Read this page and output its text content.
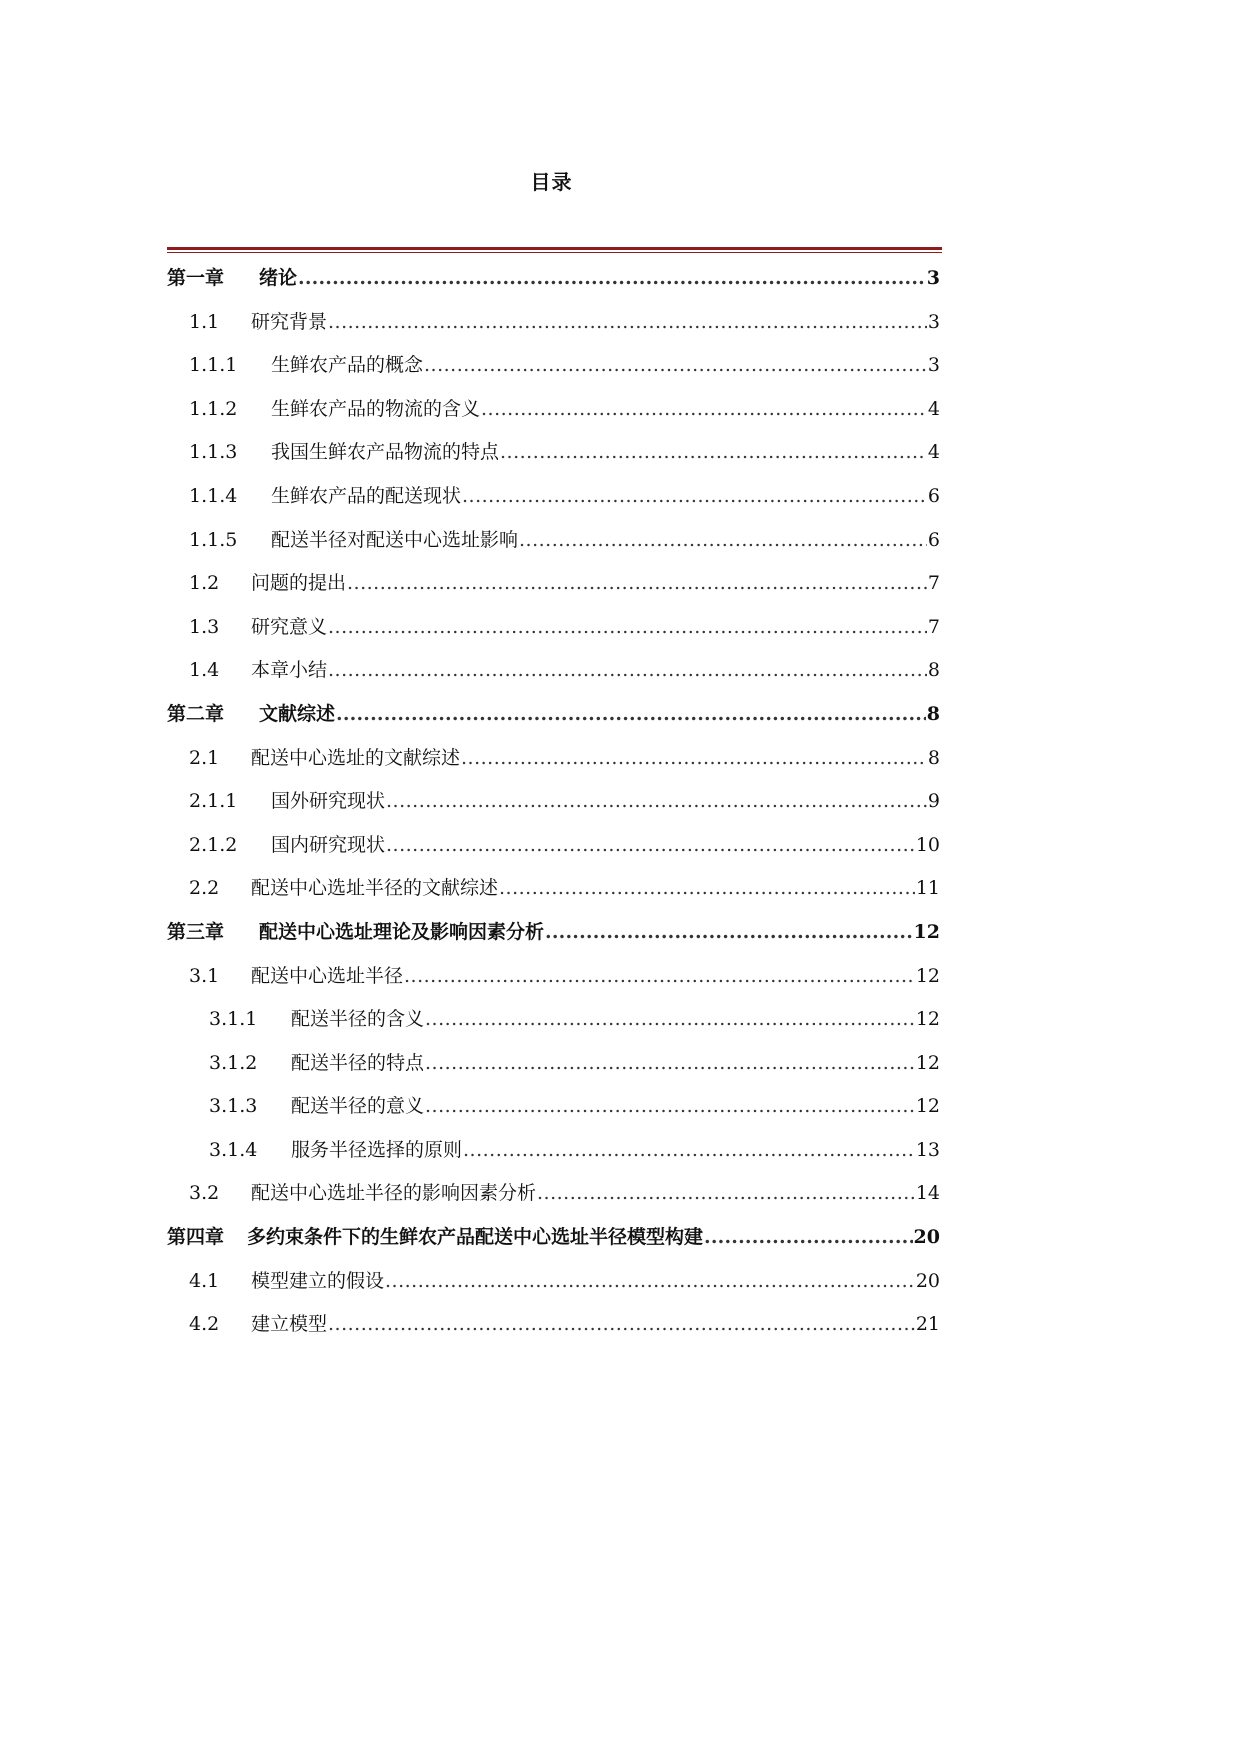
目录
第一章	绪论 .....	3
1.1	研究背景 .....	3
1.1.1	生鲜农产品的概念 .....	3
1.1.2	生鲜农产品的物流的含义 .....	4
1.1.3	我国生鲜农产品物流的特点 .....	4
1.1.4	生鲜农产品的配送现状 .....	6
1.1.5	配送半径对配送中心选址影响 .....	6
1.2	问题的提出 .....	7
1.3	研究意义 .....	7
1.4	本章小结 .....	8
第二章	文献综述 .....	8
2.1	配送中心选址的文献综述 .....	8
2.1.1	国外研究现状 .....	9
2.1.2	国内研究现状 .....	10
2.2	配送中心选址半径的文献综述 .....	11
第三章	配送中心选址理论及影响因素分析 .....	12
3.1	配送中心选址半径 .....	12
3.1.1	配送半径的含义 .....	12
3.1.2	配送半径的特点 .....	12
3.1.3	配送半径的意义 .....	12
3.1.4	服务半径选择的原则 .....	13
3.2	配送中心选址半径的影响因素分析 .....	14
第四章	多约束条件下的生鲜农产品配送中心选址半径模型构建 .....	20
4.1	模型建立的假设 .....	20
4.2	建立模型 .....	21
